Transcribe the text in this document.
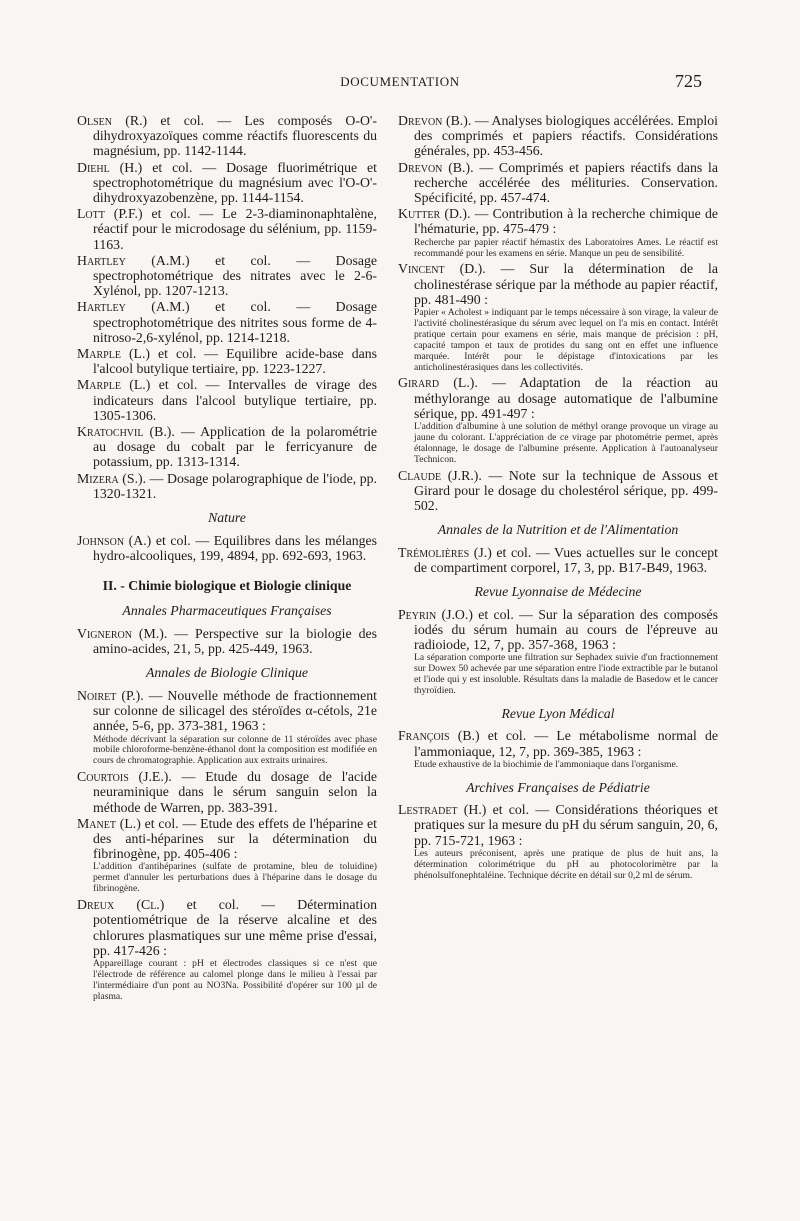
DOCUMENTATION	725
Olsen (R.) et col. — Les composés O-O'-dihydroxyazoïques comme réactifs fluorescents du magnésium, pp. 1142-1144.
Diehl (H.) et col. — Dosage fluorimétrique et spectrophotométrique du magnésium avec l'O-O'-dihydroxyazobenzène, pp. 1144-1154.
Lott (P.F.) et col. — Le 2-3-diaminonaphtalène, réactif pour le microdosage du sélénium, pp. 1159-1163.
Hartley (A.M.) et col. — Dosage spectrophotométrique des nitrates avec le 2-6-Xylénol, pp. 1207-1213.
Hartley (A.M.) et col. — Dosage spectrophotométrique des nitrites sous forme de 4-nitroso-2,6-xylénol, pp. 1214-1218.
Marple (L.) et col. — Equilibre acide-base dans l'alcool butylique tertiaire, pp. 1223-1227.
Marple (L.) et col. — Intervalles de virage des indicateurs dans l'alcool butylique tertiaire, pp. 1305-1306.
Kratochvil (B.). — Application de la polarométrie au dosage du cobalt par le ferricyanure de potassium, pp. 1313-1314.
Mizera (S.). — Dosage polarographique de l'iode, pp. 1320-1321.
Nature
Johnson (A.) et col. — Equilibres dans les mélanges hydro-alcooliques, 199, 4894, pp. 692-693, 1963.
II. - Chimie biologique et Biologie clinique
Annales Pharmaceutiques Françaises
Vigneron (M.). — Perspective sur la biologie des amino-acides, 21, 5, pp. 425-449, 1963.
Annales de Biologie Clinique
Noiret (P.). — Nouvelle méthode de fractionnement sur colonne de silicagel des stéroïdes α-cétols, 21e année, 5-6, pp. 373-381, 1963 :
Méthode décrivant la séparation sur colonne de 11 stéroïdes avec phase mobile chloroforme-benzène-éthanol dont la composition est modifiée en cours de chromatographie. Application aux extraits urinaires.
Courtois (J.E.). — Etude du dosage de l'acide neuraminique dans le sérum sanguin selon la méthode de Warren, pp. 383-391.
Manet (L.) et col. — Etude des effets de l'héparine et des anti-héparines sur la détermination du fibrinogène, pp. 405-406 :
L'addition d'antihéparines (sulfate de protamine, bleu de toluidine) permet d'annuler les perturbations dues à l'héparine dans le dosage du fibrinogène.
Dreux (Cl.) et col. — Détermination potentiométrique de la réserve alcaline et des chlorures plasmatiques sur une même prise d'essai, pp. 417-426 :
Appareillage courant : pH et électrodes classiques si ce n'est que l'électrode de référence au calomel plonge dans le milieu à l'essai par l'intermédiaire d'un pont au NO3Na. Possibilité d'opérer sur 100 µl de plasma.
Drevon (B.). — Analyses biologiques accélérées. Emploi des comprimés et papiers réactifs. Considérations générales, pp. 453-456.
Drevon (B.). — Comprimés et papiers réactifs dans la recherche accélérée des mélituries. Conservation. Spécificité, pp. 457-474.
Kutter (D.). — Contribution à la recherche chimique de l'hématurie, pp. 475-479 :
Recherche par papier réactif hémastix des Laboratoires Ames. Le réactif est recommandé pour les examens en série. Manque un peu de sensibilité.
Vincent (D.). — Sur la détermination de la cholinestérase sérique par la méthode au papier réactif, pp. 481-490 :
Papier « Acholest » indiquant par le temps nécessaire à son virage, la valeur de l'activité cholinestérasique du sérum avec lequel on l'a mis en contact. Intérêt pratique certain pour examens en série, mais manque de précision : pH, capacité tampon et taux de protides du sang ont en effet une influence marquée. Intérêt pour le dépistage d'intoxications par les anticholinestérasiques dans les collectivités.
Girard (L.). — Adaptation de la réaction au méthylorange au dosage automatique de l'albumine sérique, pp. 491-497 :
L'addition d'albumine à une solution de méthyl orange provoque un virage au jaune du colorant. L'appréciation de ce virage par photométrie permet, après étalonnage, le dosage de l'albumine présente. Application à l'autoanalyseur Technicon.
Claude (J.R.). — Note sur la technique de Assous et Girard pour le dosage du cholestérol sérique, pp. 499-502.
Annales de la Nutrition et de l'Alimentation
Trémolières (J.) et col. — Vues actuelles sur le concept de compartiment corporel, 17, 3, pp. B17-B49, 1963.
Revue Lyonnaise de Médecine
Peyrin (J.O.) et col. — Sur la séparation des composés iodés du sérum humain au cours de l'épreuve au radioiode, 12, 7, pp. 357-368, 1963 :
La séparation comporte une filtration sur Sephadex suivie d'un fractionnement sur Dowex 50 achevée par une séparation entre l'iode extractible par le butanol et l'iode qui y est insoluble. Résultats dans la maladie de Basedow et le cancer thyroïdien.
Revue Lyon Médical
François (B.) et col. — Le métabolisme normal de l'ammoniaque, 12, 7, pp. 369-385, 1963 :
Etude exhaustive de la biochimie de l'ammoniaque dans l'organisme.
Archives Françaises de Pédiatrie
Lestradet (H.) et col. — Considérations théoriques et pratiques sur la mesure du pH du sérum sanguin, 20, 6, pp. 715-721, 1963 :
Les auteurs préconisent, après une pratique de plus de huit ans, la détermination colorimétrique du pH au photocolorimètre par la phénolsulfonephtaléine. Technique décrite en détail sur 0,2 ml de sérum.
